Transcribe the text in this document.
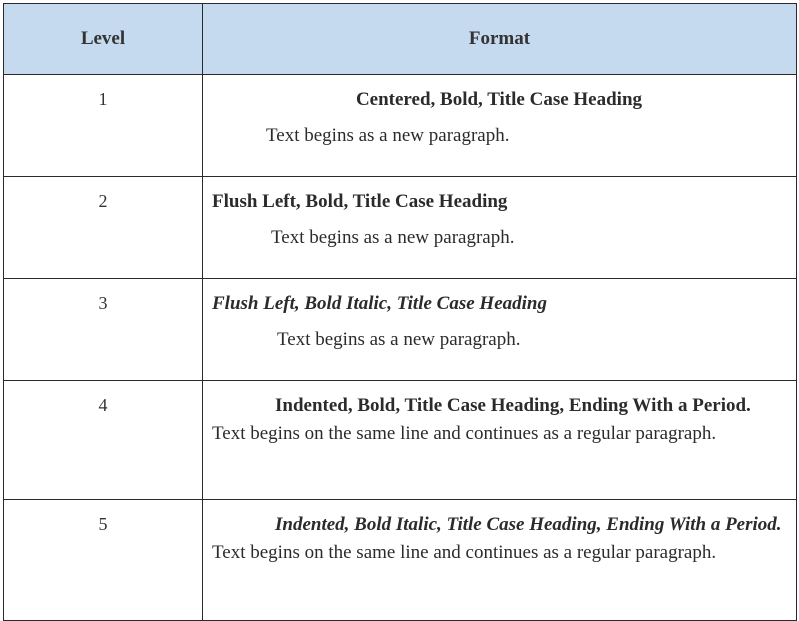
Level	Format
1	Centered, Bold, Title Case Heading
Text begins as a new paragraph.

2	Flush Left, Bold, Title Case Heading
Text begins as a new paragraph.

3	Flush Left, Bold Italic, Title Case Heading
Text begins as a new paragraph.

4	Indented, Bold, Title Case Heading, Ending With a Period. Text begins on the same line and continues as a regular paragraph.

5	Indented, Bold Italic, Title Case Heading, Ending With a Period. Text begins on the same line and continues as a regular paragraph.
